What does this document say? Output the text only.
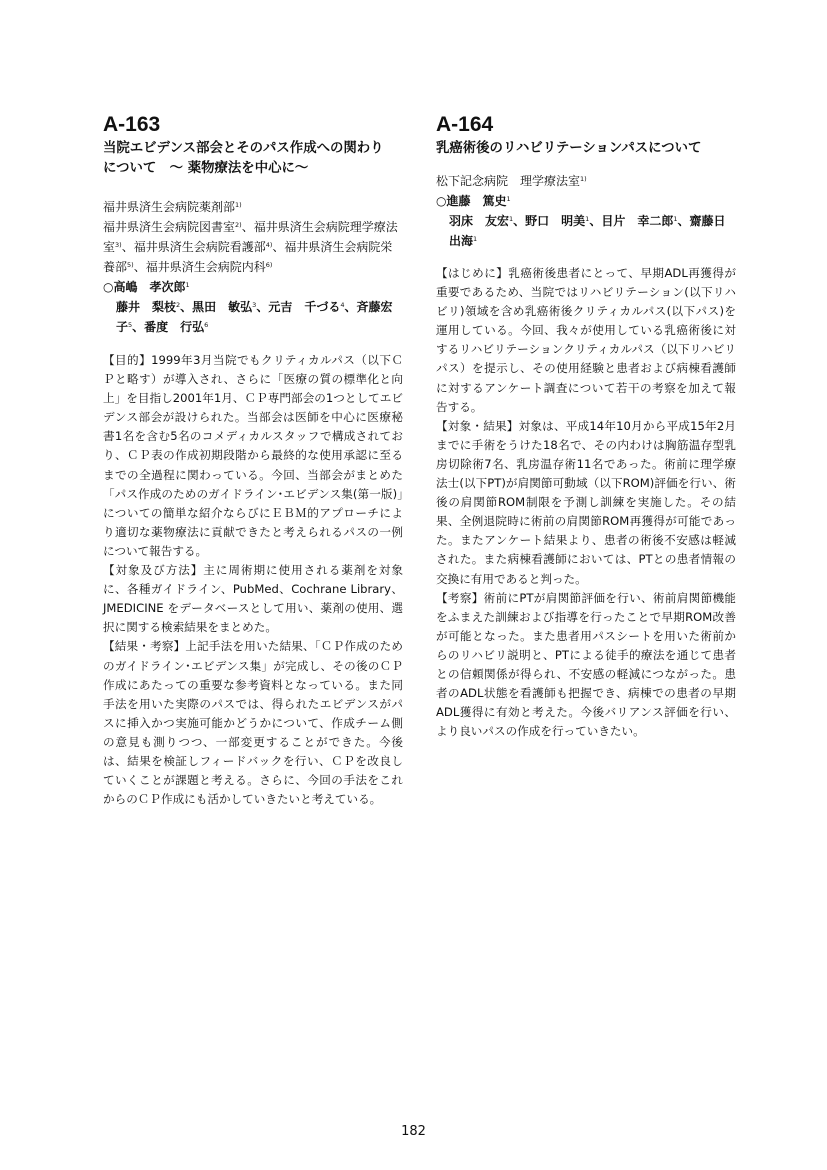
A-163
当院エビデンス部会とそのパス作成への関わり
について　～ 薬物療法を中心に～
福井県済生会病院薬剤部$^{1)}$
福井県済生会病院図書室$^{2)}$、福井県済生会病院理学療法室$^{3)}$、福井県済生会病院看護部$^{4)}$、福井県済生会病院栄養部$^{5)}$、福井県済生会病院内科$^{6)}$
○高嶋　孝次郎$^1$
藤井　梨枝$^2$、黒田　敏弘$^3$、元吉　千づる$^4$、斉藤宏子$^5$、番度　行弘$^6$

【目的】1999年3月当院でもクリティカルパス（以下ＣＰと略す）が導入され、さらに「医療の質の標準化と向上」を目指し2001年1月、ＣＰ専門部会の1つとしてエビデンス部会が設けられた。当部会は医師を中心に医療秘書1名を含む5名のコメディカルスタッフで構成されており、ＣＰ表の作成初期段階から最終的な使用承認に至るまでの全過程に関わっている。今回、当部会がまとめた「パス作成のためのガイドライン･エビデンス集(第一版)」についての簡単な紹介ならびにＥＢＭ的アプローチにより適切な薬物療法に貢献できたと考えられるパスの一例について報告する。

【対象及び方法】主に周術期に使用される薬剤を対象に、各種ガイドライン、PubMed、Cochrane Library、JMEDICINE をデータベースとして用い、薬剤の使用、選択に関する検索結果をまとめた。

【結果・考察】上記手法を用いた結果、「ＣＰ作成のためのガイドライン･エビデンス集」が完成し、その後のＣＰ作成にあたっての重要な参考資料となっている。また同手法を用いた実際のパスでは、得られたエビデンスがパスに挿入かつ実施可能かどうかについて、作成チーム側の意見も測りつつ、一部変更することができた。今後は、結果を検証しフィードバックを行い、ＣＰを改良していくことが課題と考える。さらに、今回の手法をこれからのＣＰ作成にも活かしていきたいと考えている。

A-164
乳癌術後のリハビリテーションパスについて
松下記念病院　理学療法室$^{1)}$
○進藤　篤史$^1$
羽床　友宏$^1$、野口　明美$^1$、目片　幸二郎$^1$、齋藤日出海$^1$

【はじめに】乳癌術後患者にとって、早期ADL再獲得が重要であるため、当院ではリハビリテーション(以下リハビリ)領域を含め乳癌術後クリティカルパス(以下パス)を運用している。今回、我々が使用している乳癌術後に対するリハビリテーションクリティカルパス（以下リハビリパス）を提示し、その使用経験と患者および病棟看護師に対するアンケート調査について若干の考察を加えて報告する。

【対象・結果】対象は、平成14年10月から平成15年2月までに手術をうけた18名で、その内わけは胸筋温存型乳房切除術7名、乳房温存術11名であった。術前に理学療法士(以下PT)が肩関節可動域（以下ROM)評価を行い、術後の肩関節ROM制限を予測し訓練を実施した。その結果、全例退院時に術前の肩関節ROM再獲得が可能であった。またアンケート結果より、患者の術後不安感は軽減された。また病棟看護師においては、PTとの患者情報の交換に有用であると判った。

【考察】術前にPTが肩関節評価を行い、術前肩関節機能をふまえた訓練および指導を行ったことで早期ROM改善が可能となった。また患者用パスシートを用いた術前からのリハビリ説明と、PTによる徒手的療法を通じて患者との信頼関係が得られ、不安感の軽減につながった。患者のADL状態を看護師も把握でき、病棟での患者の早期ADL獲得に有効と考えた。今後バリアンス評価を行い、より良いパスの作成を行っていきたい。

182
